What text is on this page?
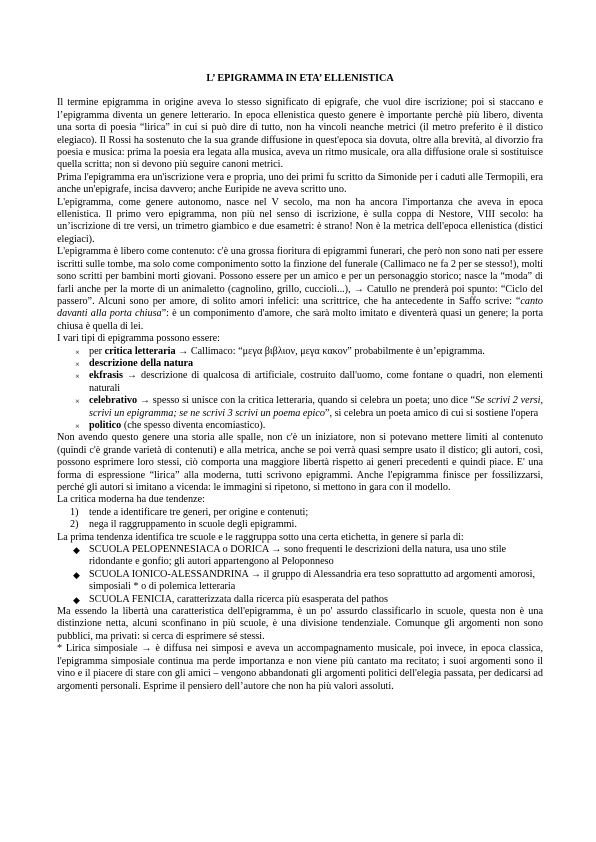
L’ EPIGRAMMA IN ETA’ ELLENISTICA

Il termine epigramma in origine aveva lo stesso significato di epigrafe, che vuol dire iscrizione; poi si staccano e l’epigramma diventa un genere letterario. In epoca ellenistica questo genere è importante perchè più libero, diventa una sorta di poesia “lirica” in cui si può dire di tutto, non ha vincoli neanche metrici (il metro preferito è il distico elegiaco). Il Rossi ha sostenuto che la sua grande diffusione in quest'epoca sia dovuta, oltre alla brevità, al divorzio fra poesia e musica: prima la poesia era legata alla musica, aveva un ritmo musicale, ora alla diffusione orale si sostituisce quella scritta; non si devono più seguire canoni metrici.

Prima l'epigramma era un'iscrizione vera e propria, uno dei primi fu scritto da Simonide per i caduti alle Termopili, era anche un'epigrafe, incisa davvero; anche Euripide ne aveva scritto uno.

L'epigramma, come genere autonomo, nasce nel V secolo, ma non ha ancora l'importanza che aveva in epoca ellenistica. Il primo vero epigramma, non più nel senso di iscrizione, è sulla coppa di Nestore, VIII secolo: ha un’iscrizione di tre versi, un trimetro giambico e due esametri: è strano! Non è la metrica dell'epoca ellenistica (distici elegiaci).

L'epigramma è libero come contenuto: c'è una grossa fioritura di epigrammi funerari, che però non sono nati per essere iscritti sulle tombe, ma solo come componimento sotto la finzione del funerale (Callimaco ne fa 2 per se stesso!), molti sono scritti per bambini morti giovani. Possono essere per un amico e per un personaggio storico; nasce la “moda” di farli anche per la morte di un animaletto (cagnolino, grillo, cuccioli...), → Catullo ne prenderà poi spunto: “Ciclo del passero”. Alcuni sono per amore, di solito amori infelici: una scrittrice, che ha antecedente in Saffo scrive: “canto davanti alla porta chiusa”: è un componimento d'amore, che sarà molto imitato e diventerà quasi un genere; la porta chiusa è quella di lei.

I vari tipi di epigramma possono essere:

× per critica letteraria → Callimaco: “μεγα βιβλιον, μεγα κακον” probabilmente è un’epigramma.
× descrizione della natura
× ekfrasis → descrizione di qualcosa di artificiale, costruito dall'uomo, come fontane o quadri, non elementi naturali
× celebrativo → spesso si unisce con la critica letteraria, quando si celebra un poeta; uno dice “Se scrivi 2 versi, scrivi un epigramma; se ne scrivi 3 scrivi un poema epico”, si celebra un poeta amico di cui si sostiene l'opera
× politico (che spesso diventa encomiastico).

Non avendo questo genere una storia alle spalle, non c'è un iniziatore, non si potevano mettere limiti al contenuto (quindi c'è grande varietà di contenuti) e alla metrica, anche se poi verrà quasi sempre usato il distico; gli autori, così, possono esprimere loro stessi, ciò comporta una maggiore libertà rispetto ai generi precedenti e quindi piace. E' una forma di espressione “lirica” alla moderna, tutti scrivono epigrammi. Anche l'epigramma finisce per fossilizzarsi, perché gli autori si imitano a vicenda: le immagini si ripetono, si mettono in gara con il modello.

La critica moderna ha due tendenze:

1) tende a identificare tre generi, per origine e contenuti;
2) nega il raggruppamento in scuole degli epigrammi.

La prima tendenza identifica tre scuole e le raggruppa sotto una certa etichetta, in genere si parla di:

◆ SCUOLA PELOPENNESIACA o DORICA → sono frequenti le descrizioni della natura, usa uno stile ridondante e gonfio; gli autori appartengono al Peloponneso
◆ SCUOLA IONICO-ALESSANDRINA → il gruppo di Alessandria era teso soprattutto ad argomenti amorosi, simposiali * o di polemica letteraria
◆ SCUOLA FENICIA, caratterizzata dalla ricerca più esasperata del pathos

Ma essendo la libertà una caratteristica dell'epigramma, è un po' assurdo classificarlo in scuole, questa non è una distinzione netta, alcuni sconfinano in più scuole, è una divisione tendenziale. Comunque gli argomenti non sono pubblici, ma privati: si cerca di esprimere sé stessi.

* Lirica simposiale → è diffusa nei simposi e aveva un accompagnamento musicale, poi invece, in epoca classica, l'epigramma simposiale continua ma perde importanza e non viene più cantato ma recitato; i suoi argomenti sono il vino e il piacere di stare con gli amici – vengono abbandonati gli argomenti politici dell'elegia passata, per dedicarsi ad argomenti personali. Esprime il pensiero dell’autore che non ha più valori assoluti.
